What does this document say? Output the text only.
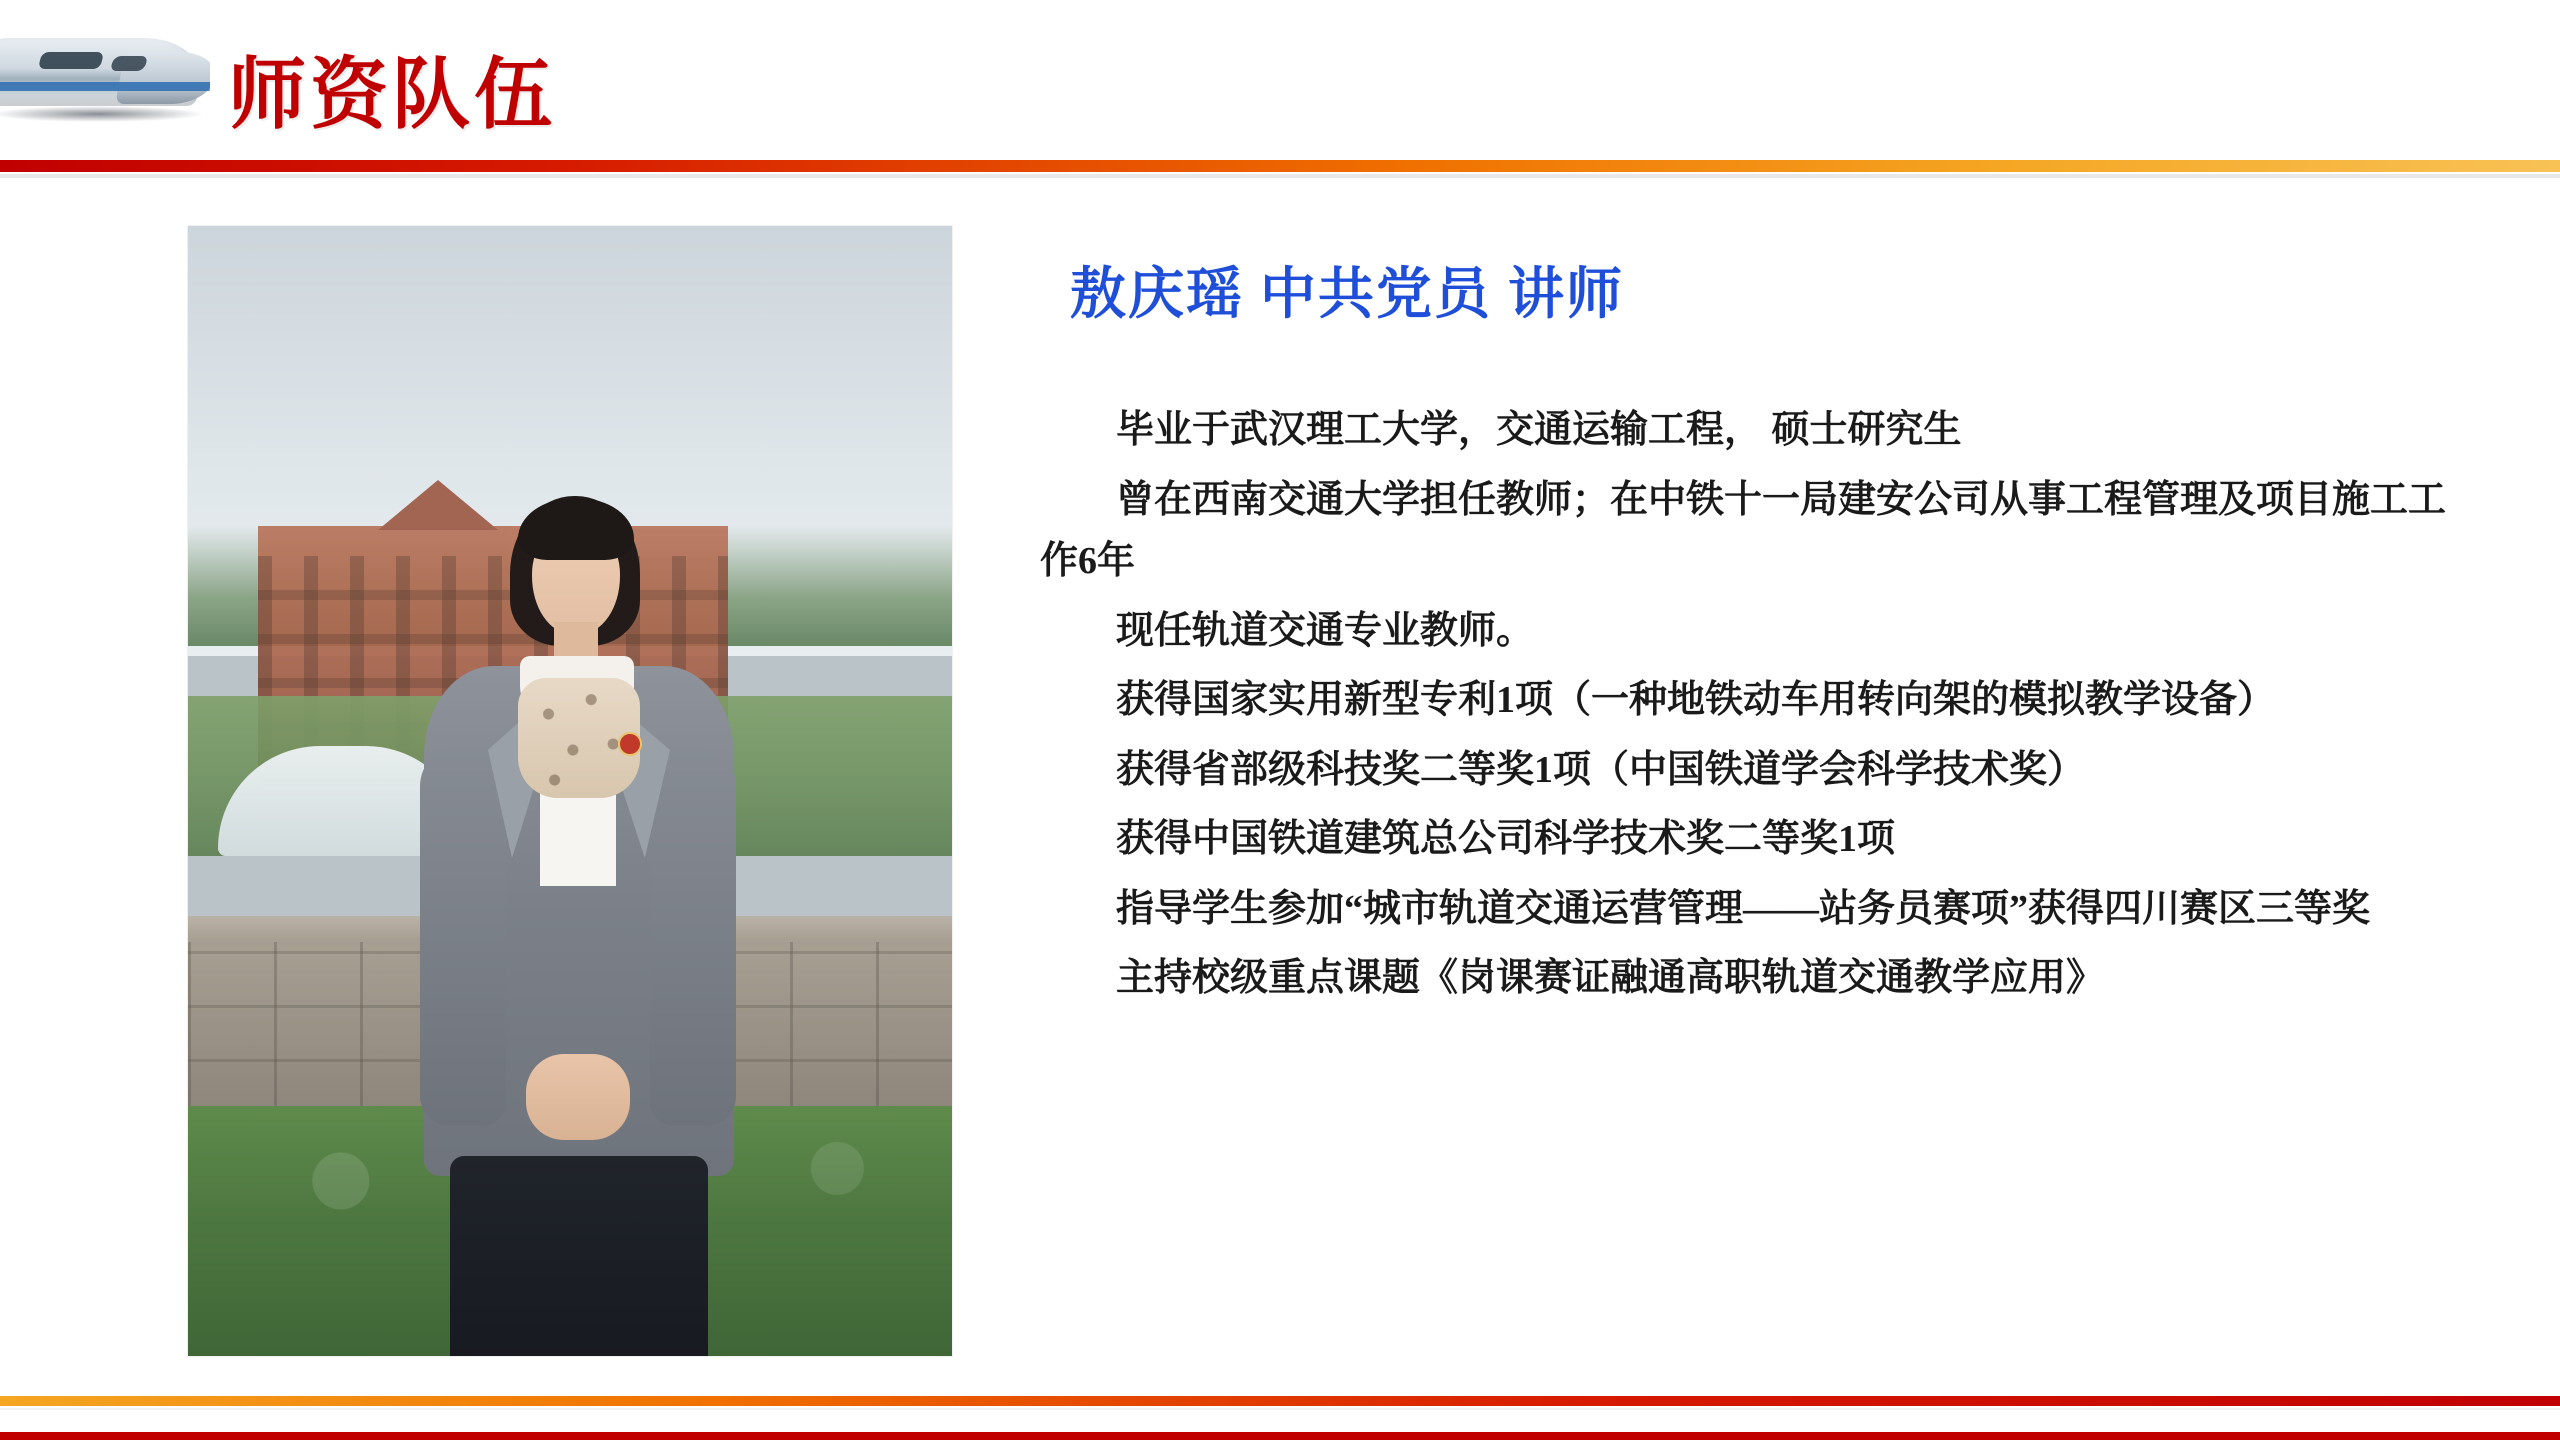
师资队伍
敖庆瑶 中共党员 讲师

毕业于武汉理工大学，交通运输工程， 硕士研究生

曾在西南交通大学担任教师；在中铁十一局建安公司从事工程管理及项目施工工作6年

现任轨道交通专业教师。

获得国家实用新型专利1项（一种地铁动车用转向架的模拟教学设备）

获得省部级科技奖二等奖1项（中国铁道学会科学技术奖）

获得中国铁道建筑总公司科学技术奖二等奖1项

指导学生参加“城市轨道交通运营管理——站务员赛项”获得四川赛区三等奖

主持校级重点课题《岗课赛证融通高职轨道交通教学应用》
